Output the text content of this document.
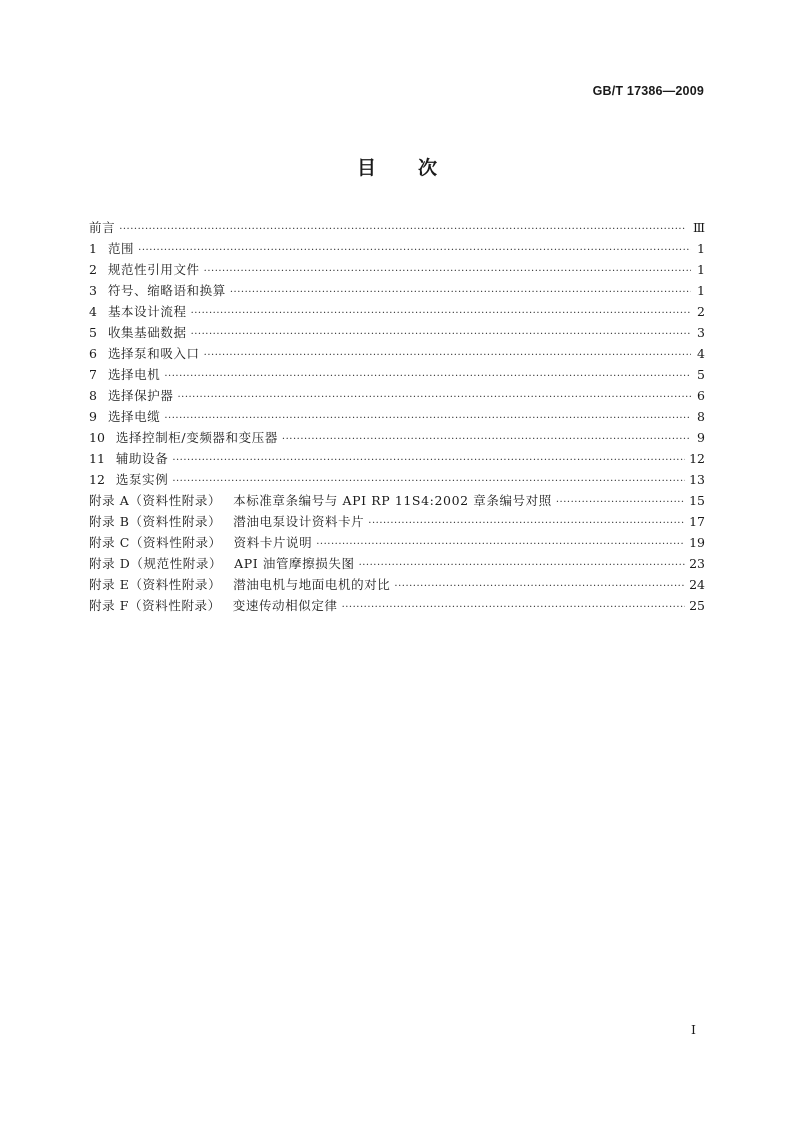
GB/T 17386—2009
目 次
前言 ·····	Ⅲ
1 范围 ·····	1
2 规范性引用文件 ·····	1
3 符号、缩略语和换算 ·····	1
4 基本设计流程 ·····	2
5 收集基础数据 ·····	3
6 选择泵和吸入口 ·····	4
7 选择电机 ·····	5
8 选择保护器 ·····	6
9 选择电缆 ·····	8
10 选择控制柜/变频器和变压器 ·····	9
11 辅助设备 ·····	12
12 选泵实例 ·····	13
附录 A（资料性附录） 本标准章条编号与 API RP 11S4:2002 章条编号对照 ·····	15
附录 B（资料性附录） 潜油电泵设计资料卡片 ·····	17
附录 C（资料性附录） 资料卡片说明 ·····	19
附录 D（规范性附录） API 油管摩擦损失图 ·····	23
附录 E（资料性附录） 潜油电机与地面电机的对比 ·····	24
附录 F（资料性附录） 变速传动相似定律 ·····	25
I
